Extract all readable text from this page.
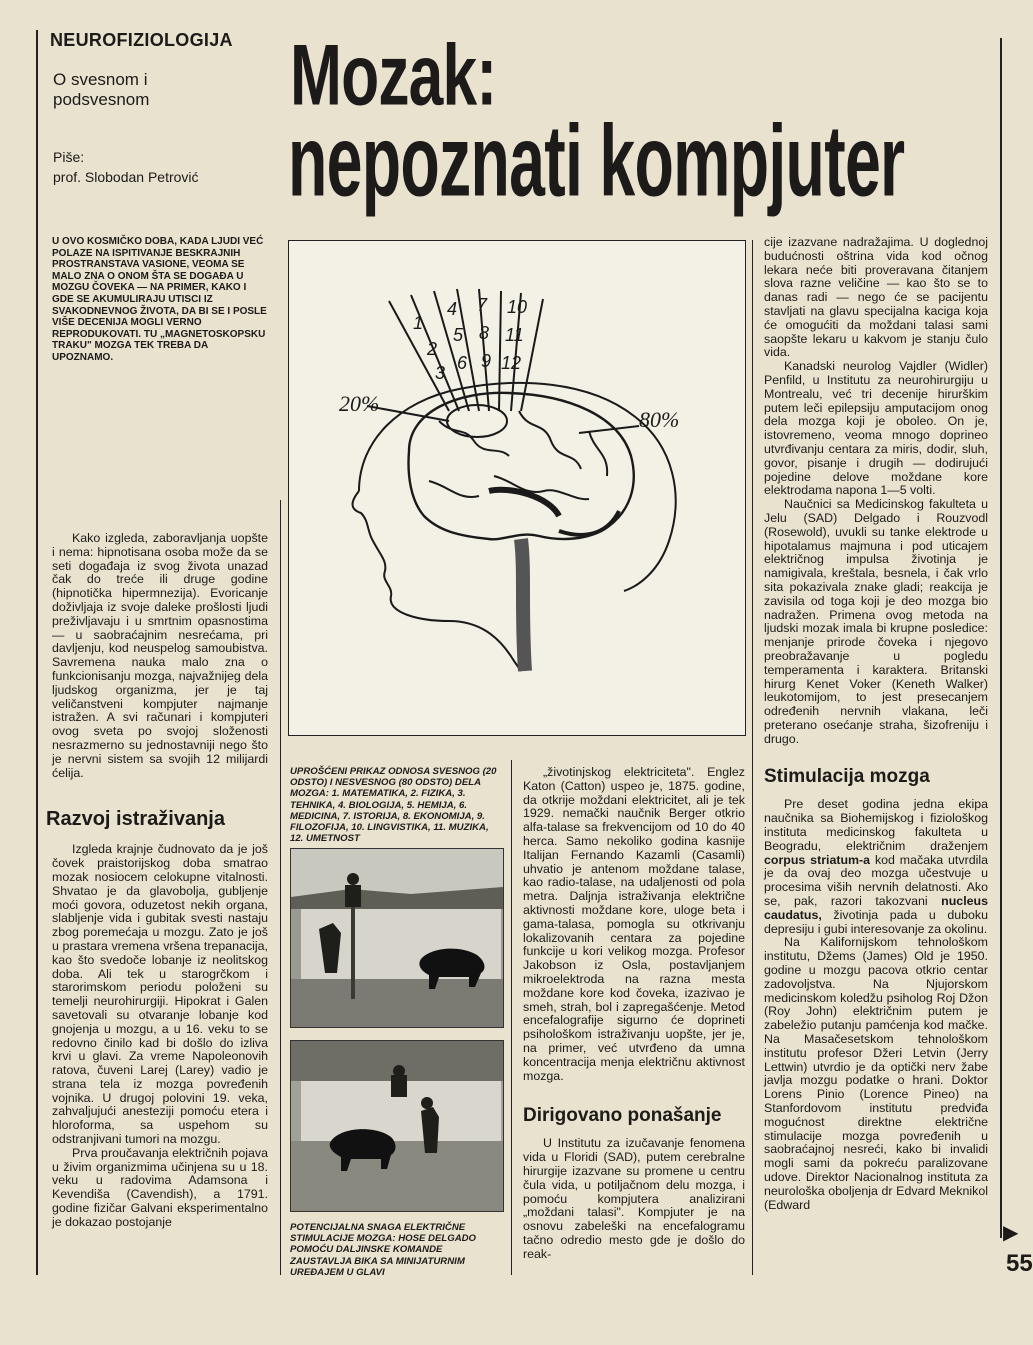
NEUROFIZIOLOGIJA
O svesnom i podsvesnom
Piše:
prof. Slobodan Petrović
Mozak:
nepoznati kompjuter
U OVO KOSMIČKO DOBA, KADA LJUDI VEĆ POLAZE NA ISPITIVANJE BESKRAJNIH PROSTRANSTAVA VASIONE, VEOMA SE MALO ZNA O ONOM ŠTA SE DOGAĐA U MOZGU ČOVEKA — NA PRIMER, KAKO I GDE SE AKUMULIRAJU UTISCI IZ SVAKODNEVNOG ŽIVOTA, DA BI SE I POSLE VIŠE DECENIJA MOGLI VERNO REPRODUKOVATI. TU „MAGNETOSKOPSKU TRAKU" MOZGA TEK TREBA DA UPOZNAMO.

Kako izgleda, zaboravljanja uopšte i nema: hipnotisana osoba može da se seti događaja iz svog života unazad čak do treće ili druge godine (hipnotička hipermnezija). Evoricanje doživljaja iz svoje daleke prošlosti ljudi preživljavaju i u smrtnim opasnostima — u saobraćajnim nesrećama, pri davljenju, kod neuspelog samoubistva. Savremena nauka malo zna o funkcionisanju mozga, najvažnijeg dela ljudskog organizma, jer je taj veličanstveni kompjuter najmanje istražen. A svi računari i kompjuteri ovog sveta po svojoj složenosti nesrazmerno su jednostavniji nego što je nervni sistem sa svojih 12 milijardi ćelija.

Razvoj istraživanja

Izgleda krajnje čudnovato da je još čovek praistorijskog doba smatrao mozak nosiocem celokupne vitalnosti. Shvatao je da glavobolja, gubljenje moći govora, oduzetost nekih organa, slabljenje vida i gubitak svesti nastaju zbog poremećaja u mozgu. Zato je još u prastara vremena vršena trepanacija, kao što svedoče lobanje iz neolitskog doba. Ali tek u starogrčkom i starorimskom periodu položeni su temelji neurohirurgiji. Hipokrat i Galen savetovali su otvaranje lobanje kod gnojenja u mozgu, a u 16. veku to se redovno činilo kad bi došlo do izliva krvi u glavi. Za vreme Napoleonovih ratova, čuveni Larej (Larey) vadio je strana tela iz mozga povređenih vojnika. U drugoj polovini 19. veka, zahvaljujući anesteziji pomoću etera i hloroforma, sa uspehom su odstranjivani tumori na mozgu.

Prva proučavanja električnih pojava u živim organizmima učinjena su u 18. veku u radovima Adamsona i Kevendiša (Cavendish), a 1791. godine fizičar Galvani eksperimentalno je dokazao postojanje

20%
80%
1
2
3
4
5
6
7
8
9
10
11
12
UPROŠĆENI PRIKAZ ODNOSA SVESNOG (20 ODSTO) I NESVESNOG (80 ODSTO) DELA MOZGA: 1. MATEMATIKA, 2. FIZIKA, 3. TEHNIKA, 4. BIOLOGIJA, 5. HEMIJA, 6. MEDICINA, 7. ISTORIJA, 8. EKONOMIJA, 9. FILOZOFIJA, 10. LINGVISTIKA, 11. MUZIKA, 12. UMETNOST
POTENCIJALNA SNAGA ELEKTRIČNE STIMULACIJE MOZGA: HOSE DELGADO POMOĆU DALJINSKE KOMANDE ZAUSTAVLJA BIKA SA MINIJATURNIM UREĐAJEM U GLAVI

„životinjskog elektriciteta". Englez Katon (Catton) uspeo je, 1875. godine, da otkrije moždani elektricitet, ali je tek 1929. nemački naučnik Berger otkrio alfa-talase sa frekvencijom od 10 do 40 herca. Samo nekoliko godina kasnije Italijan Fernando Kazamli (Casamli) uhvatio je antenom moždane talase, kao radio-talase, na udaljenosti od pola metra. Daljnja istraživanja električne aktivnosti moždane kore, uloge beta i gama-talasa, pomogla su otkrivanju lokalizovanih centara za pojedine funkcije u kori velikog mozga. Profesor Jakobson iz Osla, postavljanjem mikroelektroda na razna mesta moždane kore kod čoveka, izazivao je smeh, strah, bol i zapregašćenje. Metod encefalografije sigurno će doprineti psihološkom istraživanju uopšte, jer je, na primer, već utvrđeno da umna koncentracija menja električnu aktivnost mozga.

Dirigovano ponašanje

U Institutu za izučavanje fenomena vida u Floridi (SAD), putem cerebralne hirurgije izazvane su promene u centru čula vida, u potiljačnom delu mozga, i pomoću kompjutera analizirani „moždani talasi". Kompjuter je na osnovu zabeleški na encefalogramu tačno odredio mesto gde je došlo do reak-

cije izazvane nadražajima. U doglednoj budućnosti oštrina vida kod očnog lekara neće biti proveravana čitanjem slova razne veličine — kao što se to danas radi — nego će se pacijentu stavljati na glavu specijalna kaciga koja će omogućiti da moždani talasi sami saopšte lekaru u kakvom je stanju čulo vida.

Kanadski neurolog Vajdler (Widler) Penfild, u Institutu za neurohirurgiju u Montrealu, već tri decenije hirurškim putem leči epilepsiju amputacijom onog dela mozga koji je oboleo. On je, istovremeno, veoma mnogo doprineo utvrđivanju centara za miris, dodir, sluh, govor, pisanje i drugih — dodirujući pojedine delove moždane kore elektrodama napona 1—5 volti.

Naučnici sa Medicinskog fakulteta u Jelu (SAD) Delgado i Rouzvodl (Rosewold), uvukli su tanke elektrode u hipotalamus majmuna i pod uticajem električnog impulsa životinja je namigivala, kreštala, besnela, i čak vrlo sita pokazivala znake gladi; reakcija je zavisila od toga koji je deo mozga bio nadražen. Primena ovog metoda na ljudski mozak imala bi krupne posledice: menjanje prirode čoveka i njegovo preobražavanje u pogledu temperamenta i karaktera. Britanski hirurg Kenet Voker (Keneth Walker) leukotomijom, to jest presecanjem određenih nervnih vlakana, leči preterano osećanje straha, šizofreniju i drugo.

Stimulacija mozga

Pre deset godina jedna ekipa naučnika sa Biohemijskog i fiziološkog instituta medicinskog fakulteta u Beogradu, električnim draženjem corpus striatum-a kod mačaka utvrdila je da ovaj deo mozga učestvuje u procesima viših nervnih delatnosti. Ako se, pak, razori takozvani nucleus caudatus, životinja pada u duboku depresiju i gubi interesovanje za okolinu.

Na Kalifornijskom tehnološkom institutu, Džems (James) Old je 1950. godine u mozgu pacova otkrio centar zadovoljstva. Na Njujorskom medicinskom koledžu psiholog Roj Džon (Roy John) električnim putem je zabeležio putanju pamćenja kod mačke. Na Masačesetskom tehnološkom institutu profesor Džeri Letvin (Jerry Lettwin) utvrdio je da optički nerv žabe javlja mozgu podatke o hrani. Doktor Lorens Pinio (Lorence Pineo) na Stanfordovom institutu predviđa mogućnost direktne električne stimulacije mozga povređenih u saobraćajnoj nesreći, kako bi invalidi mogli sami da pokreću paralizovane udove. Direktor Nacionalnog instituta za neurološka oboljenja dr Edvard Meknikol (Edward

▶
55
